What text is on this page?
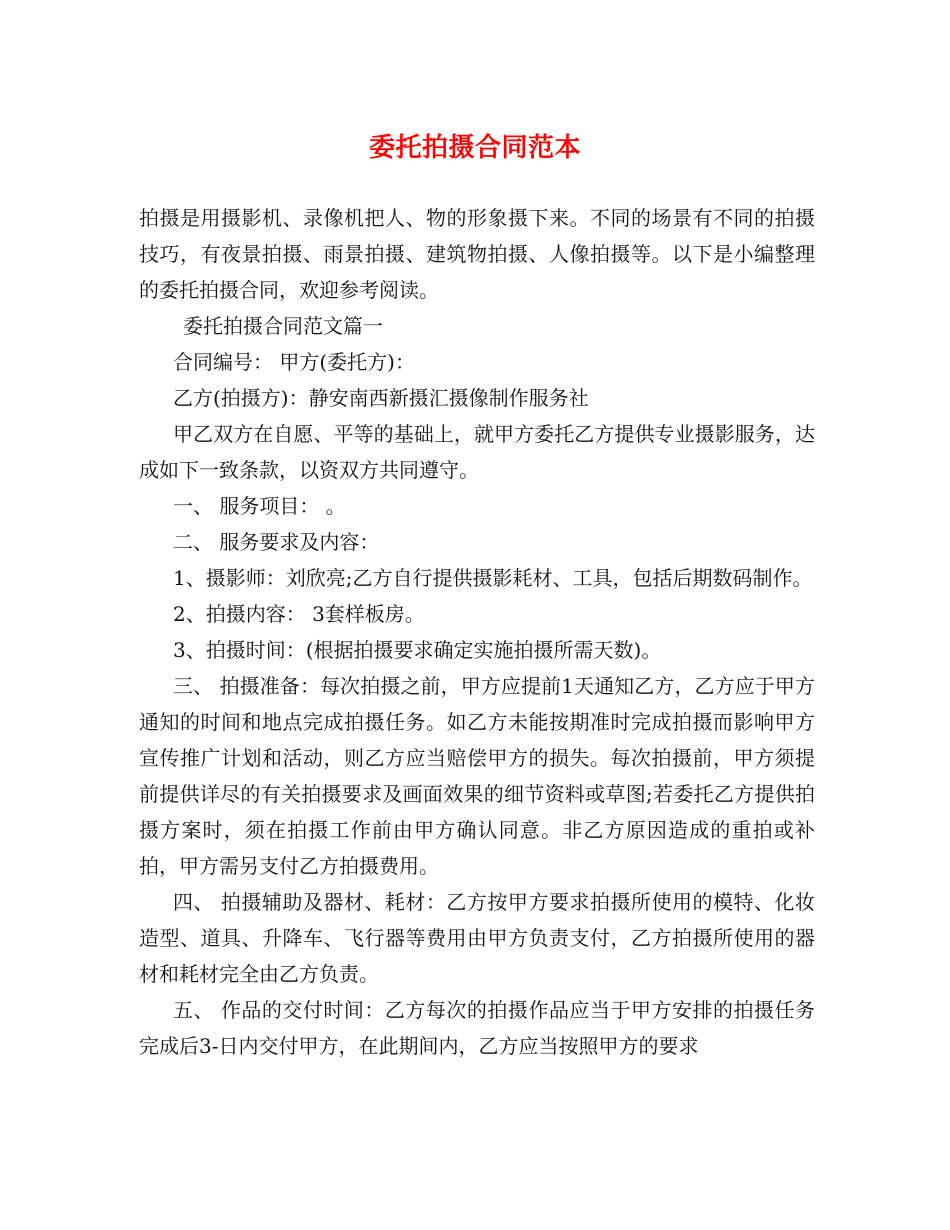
委托拍摄合同范本

拍摄是用摄影机、录像机把人、物的形象摄下来。不同的场景有不同的拍摄技巧，有夜景拍摄、雨景拍摄、建筑物拍摄、人像拍摄等。以下是小编整理的委托拍摄合同，欢迎参考阅读。

委托拍摄合同范文篇一

合同编号： 甲方(委托方)：

乙方(拍摄方)：静安南西新摄汇摄像制作服务社

甲乙双方在自愿、平等的基础上，就甲方委托乙方提供专业摄影服务，达成如下一致条款，以资双方共同遵守。

一、 服务项目： 。

二、 服务要求及内容：

1、摄影师：刘欣亮;乙方自行提供摄影耗材、工具，包括后期数码制作。

2、拍摄内容： 3套样板房。

3、拍摄时间：(根据拍摄要求确定实施拍摄所需天数)。

三、 拍摄准备：每次拍摄之前，甲方应提前1天通知乙方，乙方应于甲方通知的时间和地点完成拍摄任务。如乙方未能按期准时完成拍摄而影响甲方宣传推广计划和活动，则乙方应当赔偿甲方的损失。每次拍摄前，甲方须提前提供详尽的有关拍摄要求及画面效果的细节资料或草图;若委托乙方提供拍摄方案时，须在拍摄工作前由甲方确认同意。非乙方原因造成的重拍或补拍，甲方需另支付乙方拍摄费用。

四、 拍摄辅助及器材、耗材：乙方按甲方要求拍摄所使用的模特、化妆造型、道具、升降车、飞行器等费用由甲方负责支付，乙方拍摄所使用的器材和耗材完全由乙方负责。

五、 作品的交付时间：乙方每次的拍摄作品应当于甲方安排的拍摄任务完成后3-日内交付甲方，在此期间内，乙方应当按照甲方的要求
